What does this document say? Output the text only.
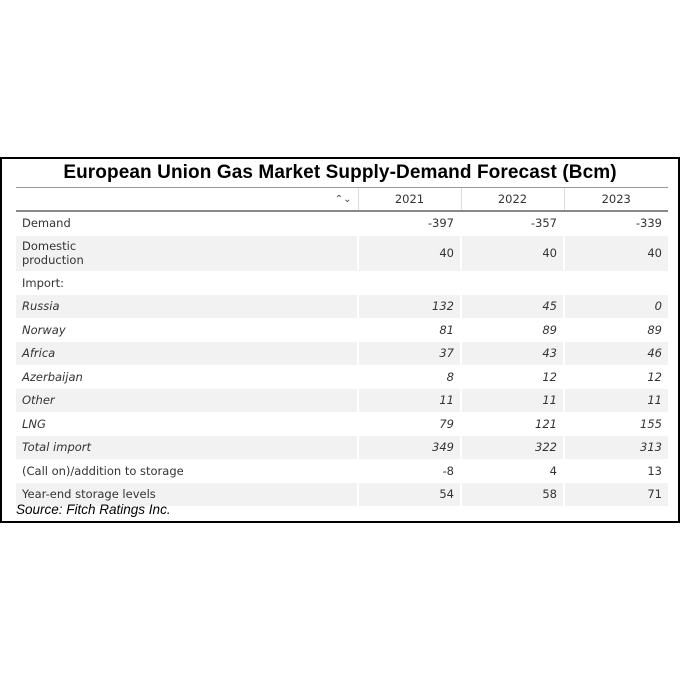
European Union Gas Market Supply-Demand Forecast (Bcm)
⌃⌄	2021	2022	2023
Demand	-397	-357	-339
Domestic production	40	40	40
Import:			
Russia	132	45	0
Norway	81	89	89
Africa	37	43	46
Azerbaijan	8	12	12
Other	11	11	11
LNG	79	121	155
Total import	349	322	313
(Call on)/addition to storage	-8	4	13
Year-end storage levels	54	58	71
Source: Fitch Ratings Inc.
